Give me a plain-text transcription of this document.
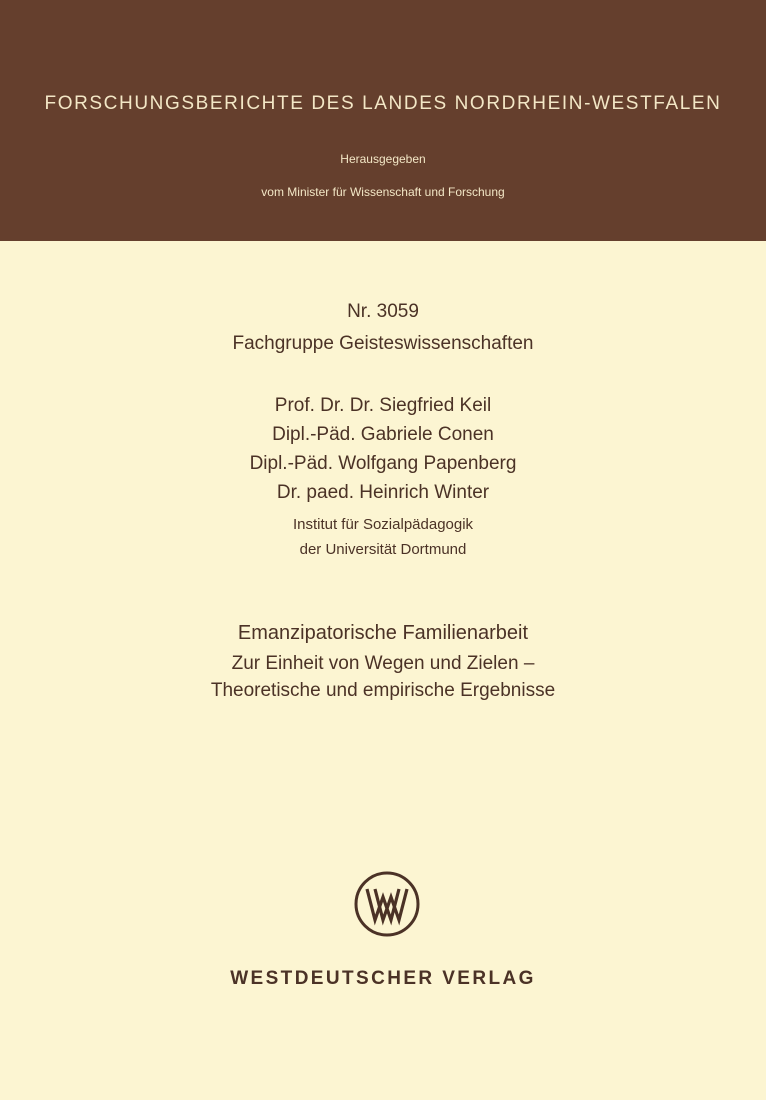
FORSCHUNGSBERICHTE DES LANDES NORDRHEIN-WESTFALEN
Herausgegeben
vom Minister für Wissenschaft und Forschung
Nr. 3059
Fachgruppe Geisteswissenschaften
Prof. Dr. Dr. Siegfried Keil
Dipl.-Päd. Gabriele Conen
Dipl.-Päd. Wolfgang Papenberg
Dr. paed. Heinrich Winter
Institut für Sozialpädagogik
der Universität Dortmund
Emanzipatorische Familienarbeit
Zur Einheit von Wegen und Zielen –
Theoretische und empirische Ergebnisse
WESTDEUTSCHER VERLAG
